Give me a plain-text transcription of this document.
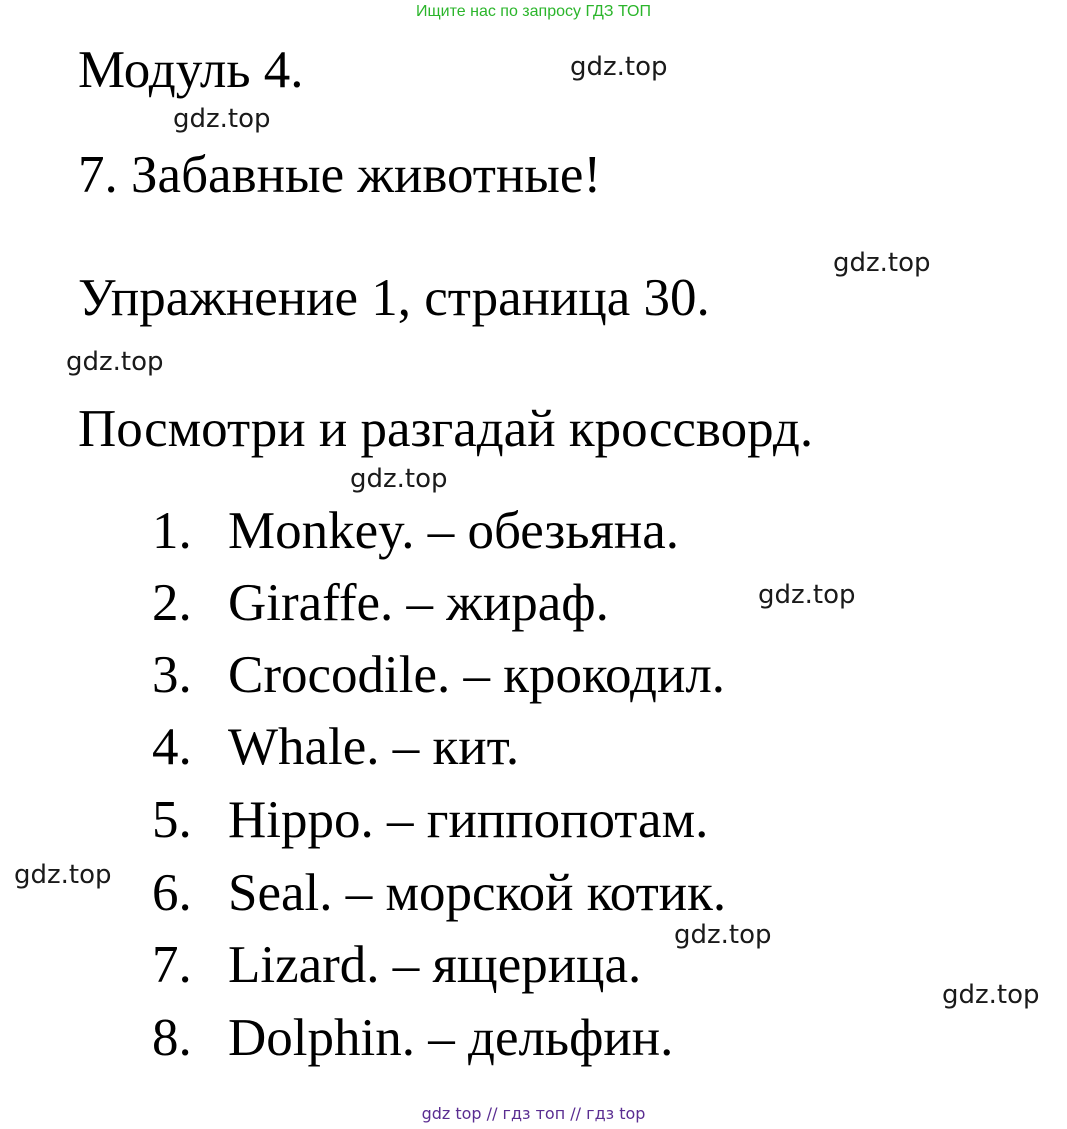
Ищите нас по запросу ГДЗ ТОП
Модуль 4.
7. Забавные животные!
Упражнение 1, страница 30.

Посмотри и разгадай кроссворд.

1. Monkey. – обезьяна.
2. Giraffe. – жираф.
3. Crocodile. – крокодил.
4. Whale. – кит.
5. Hippo. – гиппопотам.
6. Seal. – морской котик.
7. Lizard. – ящерица.
8. Dolphin. – дельфин.
gdz.top
gdz.top
gdz.top
gdz.top
gdz.top
gdz.top
gdz.top
gdz.top
gdz.top
gdz top // гдз топ // гдз top
